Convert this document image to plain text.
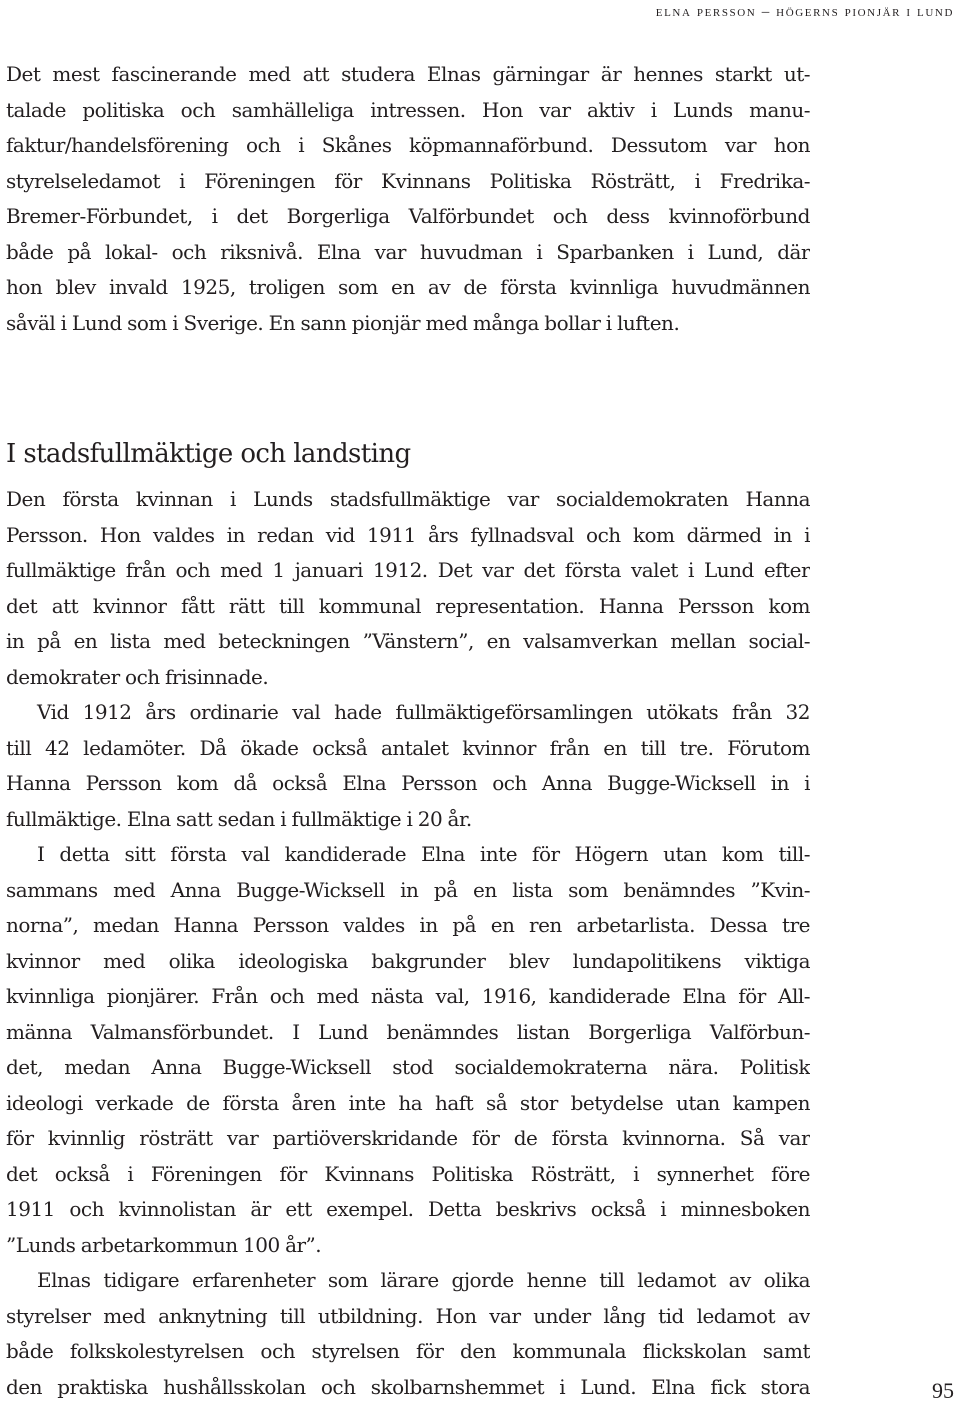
elna persson – högerns pionjär i lund
Det mest fascinerande med att studera Elnas gärningar är hennes starkt ut-
talade politiska och samhälleliga intressen. Hon var aktiv i Lunds manu-
faktur/handelsförening och i Skånes köpmannaförbund. Dessutom var hon
styrelseledamot i Föreningen för Kvinnans Politiska Rösträtt, i Fredrika-
Bremer-Förbundet, i det Borgerliga Valförbundet och dess kvinnoförbund
både på lokal- och riksnivå. Elna var huvudman i Sparbanken i Lund, där
hon blev invald 1925, troligen som en av de första kvinnliga huvudmännen
såväl i Lund som i Sverige. En sann pionjär med många bollar i luften.
I stadsfullmäktige och landsting
Den första kvinnan i Lunds stadsfullmäktige var socialdemokraten Hanna
Persson. Hon valdes in redan vid 1911 års fyllnadsval och kom därmed in i
fullmäktige från och med 1 januari 1912. Det var det första valet i Lund efter
det att kvinnor fått rätt till kommunal representation. Hanna Persson kom
in på en lista med beteckningen ”Vänstern”, en valsamverkan mellan social-
demokrater och frisinnade.
Vid 1912 års ordinarie val hade fullmäktigeförsamlingen utökats från 32
till 42 ledamöter. Då ökade också antalet kvinnor från en till tre. Förutom
Hanna Persson kom då också Elna Persson och Anna Bugge-Wicksell in i
fullmäktige. Elna satt sedan i fullmäktige i 20 år.
I detta sitt första val kandiderade Elna inte för Högern utan kom till-
sammans med Anna Bugge-Wicksell in på en lista som benämndes ”Kvin-
norna”, medan Hanna Persson valdes in på en ren arbetarlista. Dessa tre
kvinnor med olika ideologiska bakgrunder blev lundapolitikens viktiga
kvinnliga pionjärer. Från och med nästa val, 1916, kandiderade Elna för All-
männa Valmansförbundet. I Lund benämndes listan Borgerliga Valförbun-
det, medan Anna Bugge-Wicksell stod socialdemokraterna nära. Politisk
ideologi verkade de första åren inte ha haft så stor betydelse utan kampen
för kvinnlig rösträtt var partiöverskridande för de första kvinnorna. Så var
det också i Föreningen för Kvinnans Politiska Rösträtt, i synnerhet före
1911 och kvinnolistan är ett exempel. Detta beskrivs också i minnesboken
”Lunds arbetarkommun 100 år”.
Elnas tidigare erfarenheter som lärare gjorde henne till ledamot av olika
styrelser med anknytning till utbildning. Hon var under lång tid ledamot av
både folkskolestyrelsen och styrelsen för den kommunala flickskolan samt
den praktiska hushållsskolan och skolbarnshemmet i Lund. Elna fick stora	95
